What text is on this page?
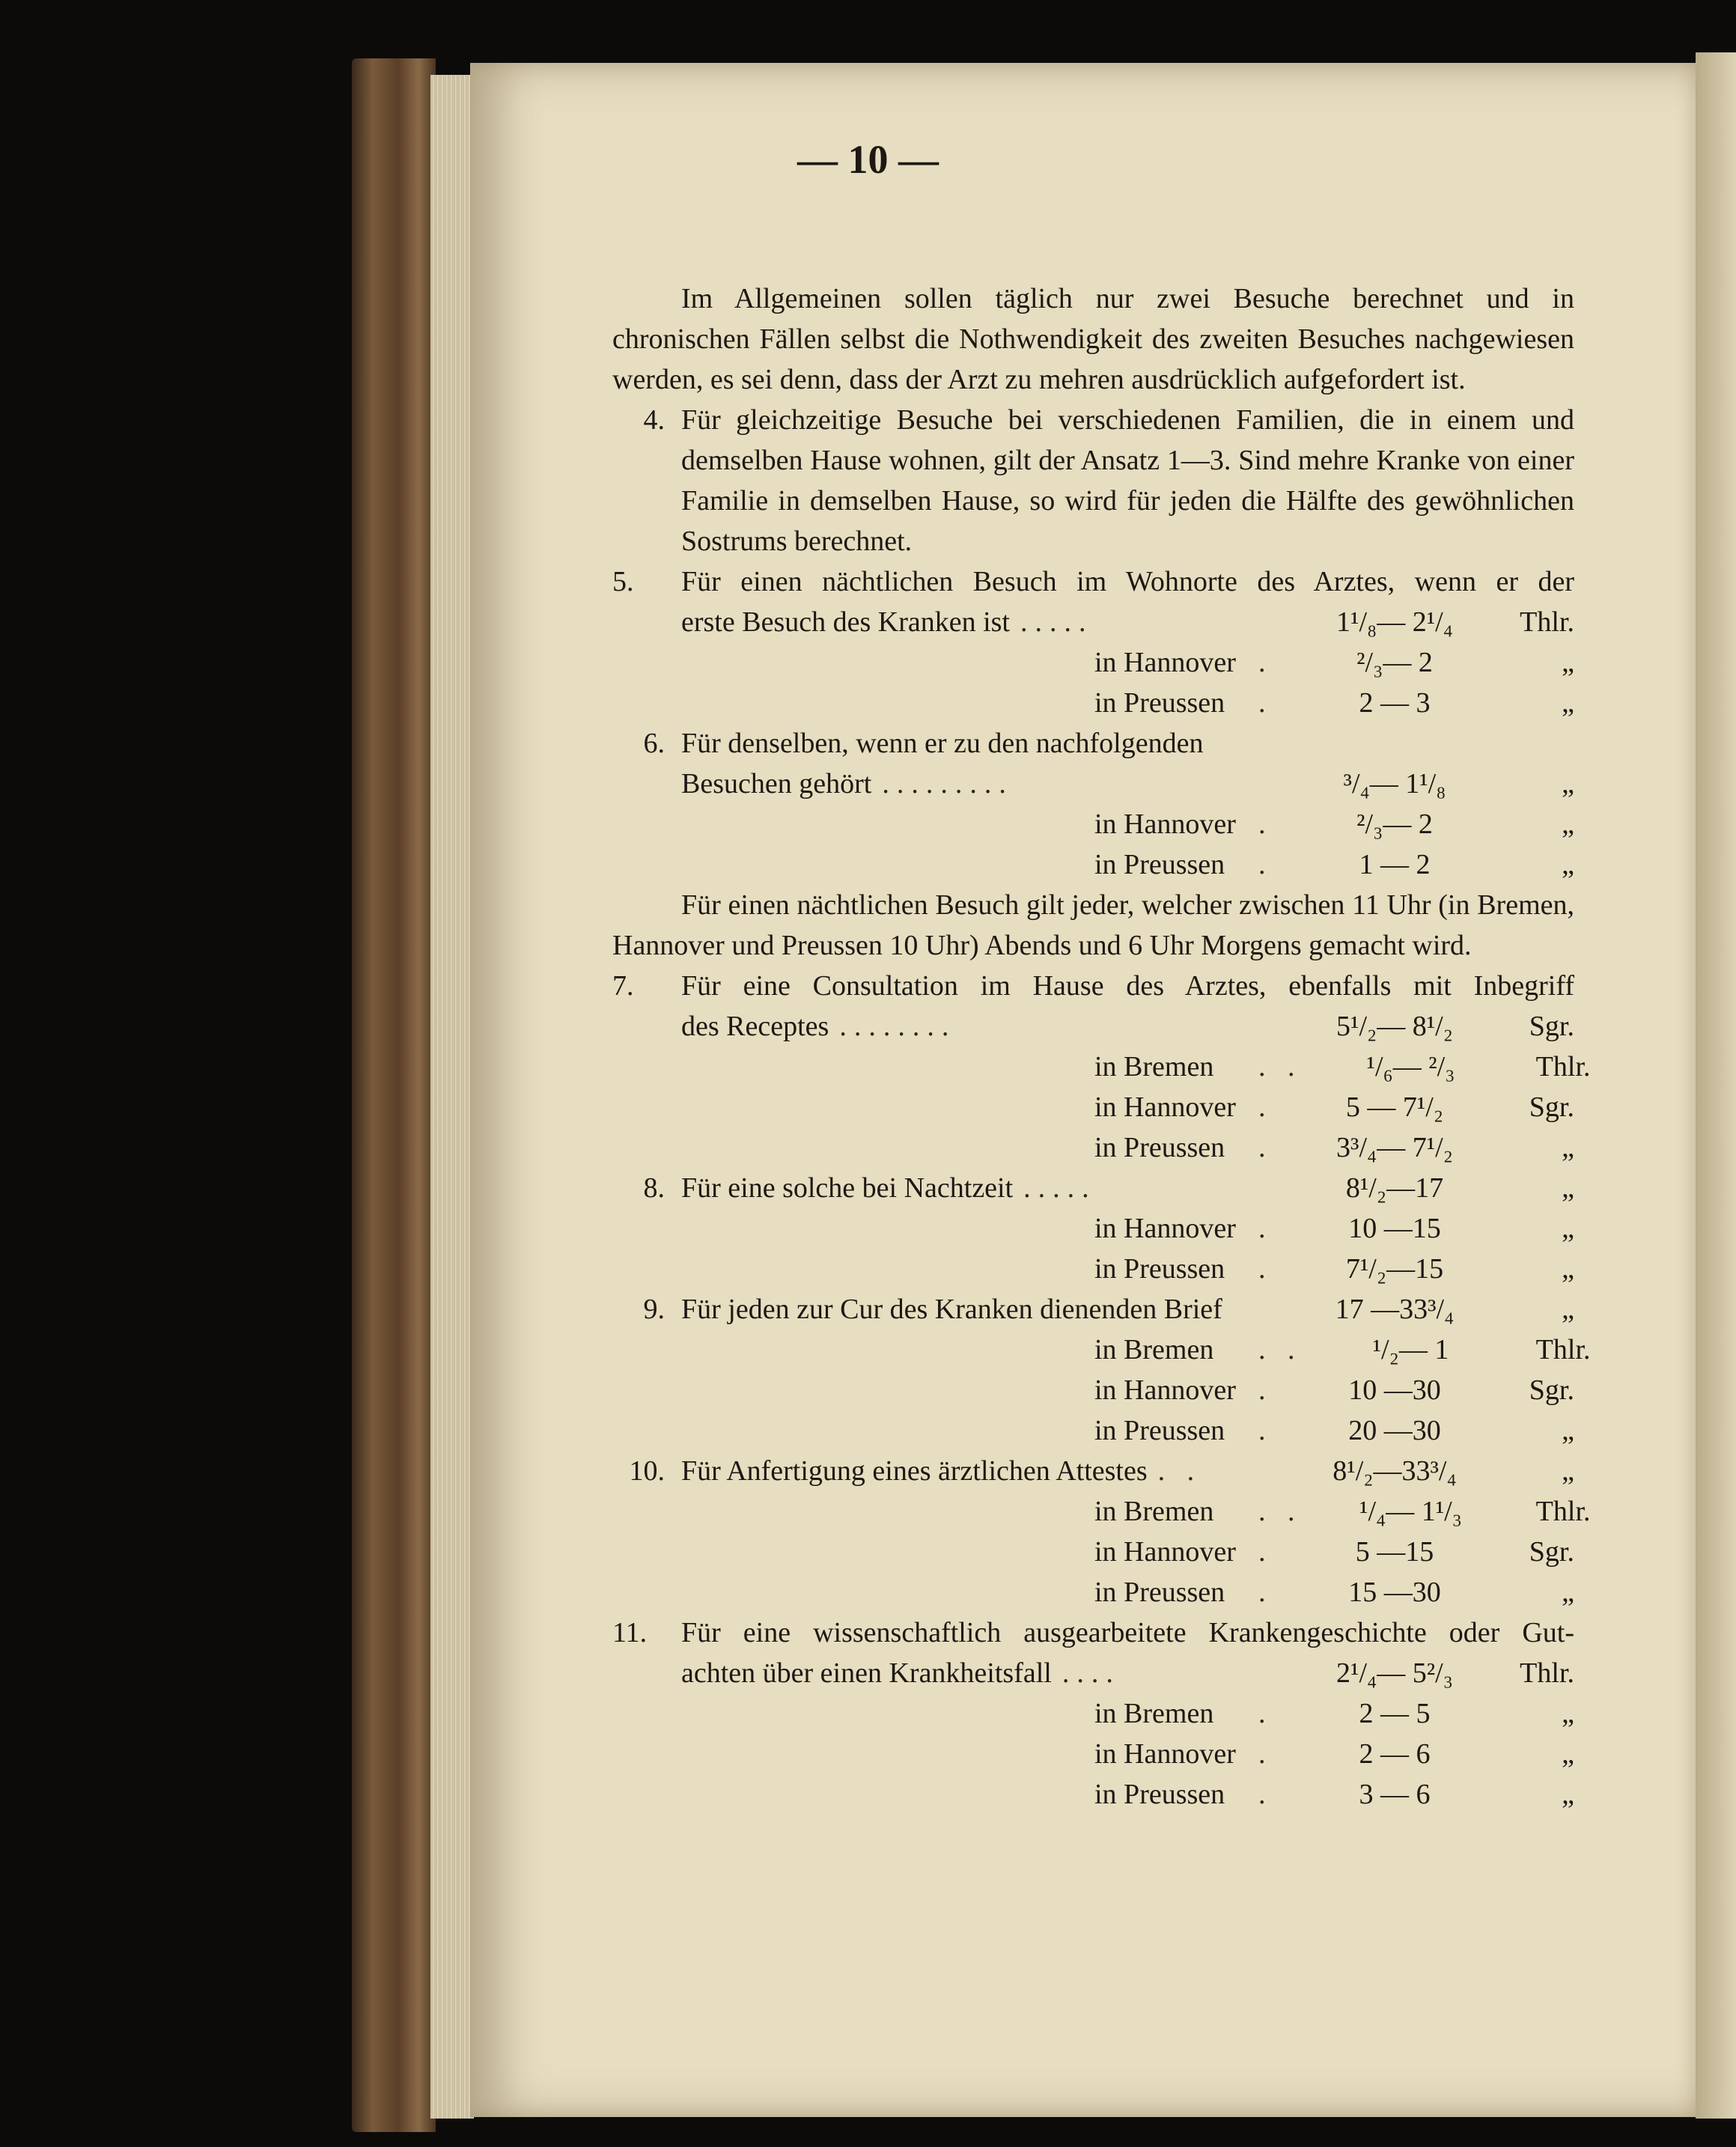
— 10 —

Im Allgemeinen sollen täglich nur zwei Besuche berechnet und in chronischen Fällen selbst die Nothwendigkeit des zweiten Besuches nachgewiesen werden, es sei denn, dass der Arzt zu mehren ausdrücklich aufgefordert ist.

4. Für gleichzeitige Besuche bei verschiedenen Familien, die in einem und demselben Hause wohnen, gilt der Ansatz 1—3. Sind mehre Kranke von einer Familie in demselben Hause, so wird für jeden die Hälfte des gewöhnlichen Sostrums berechnet.

5. Für einen nächtlichen Besuch im Wohnorte des Arztes, wenn er der

erste Besuch des Kranken ist .....	1¹/₈— 2¹/₄	Thlr.
in Hannover .	²/₃— 2	„
in Preussen	.	2 — 3	„

6. Für denselben, wenn er zu den nachfolgenden

Besuchen gehört .........	³/₄— 1¹/₈	„
in Hannover .	²/₃— 2	„
in Preussen	.	1 — 2	„

Für einen nächtlichen Besuch gilt jeder, welcher zwischen 11 Uhr (in Bremen, Hannover und Preussen 10 Uhr) Abends und 6 Uhr Morgens gemacht wird.

7. Für eine Consultation im Hause des Arztes, ebenfalls mit Inbegriff

des Receptes ........	5¹/₂— 8¹/₂	Sgr.
in Bremen	. .	¹/₆— ²/₃	Thlr.
in Hannover .	5 — 7¹/₂	Sgr.
in Preussen	.	3³/₄— 7¹/₂	„
8. Für eine solche bei Nachtzeit .....	8¹/₂—17	„
in Hannover .	10 —15	„
in Preussen	.	7¹/₂—15	„
9. Für jeden zur Cur des Kranken dienenden Brief	17 —33³/₄	„
in Bremen	. .	¹/₂— 1	Thlr.
in Hannover .	10 —30	Sgr.
in Preussen	.	20 —30	„
10. Für Anfertigung eines ärztlichen Attestes . .	8¹/₂—33³/₄	„
in Bremen	. .	¹/₄— 1¹/₃	Thlr.
in Hannover .	5 —15	Sgr.
in Preussen	.	15 —30	„

11. Für eine wissenschaftlich ausgearbeitete Krankengeschichte oder Gut-

achten über einen Krankheitsfall ....	2¹/₄— 5²/₃	Thlr.
in Bremen	.	2 — 5	„
in Hannover .	2 — 6	„
in Preussen	.	3 — 6	„
